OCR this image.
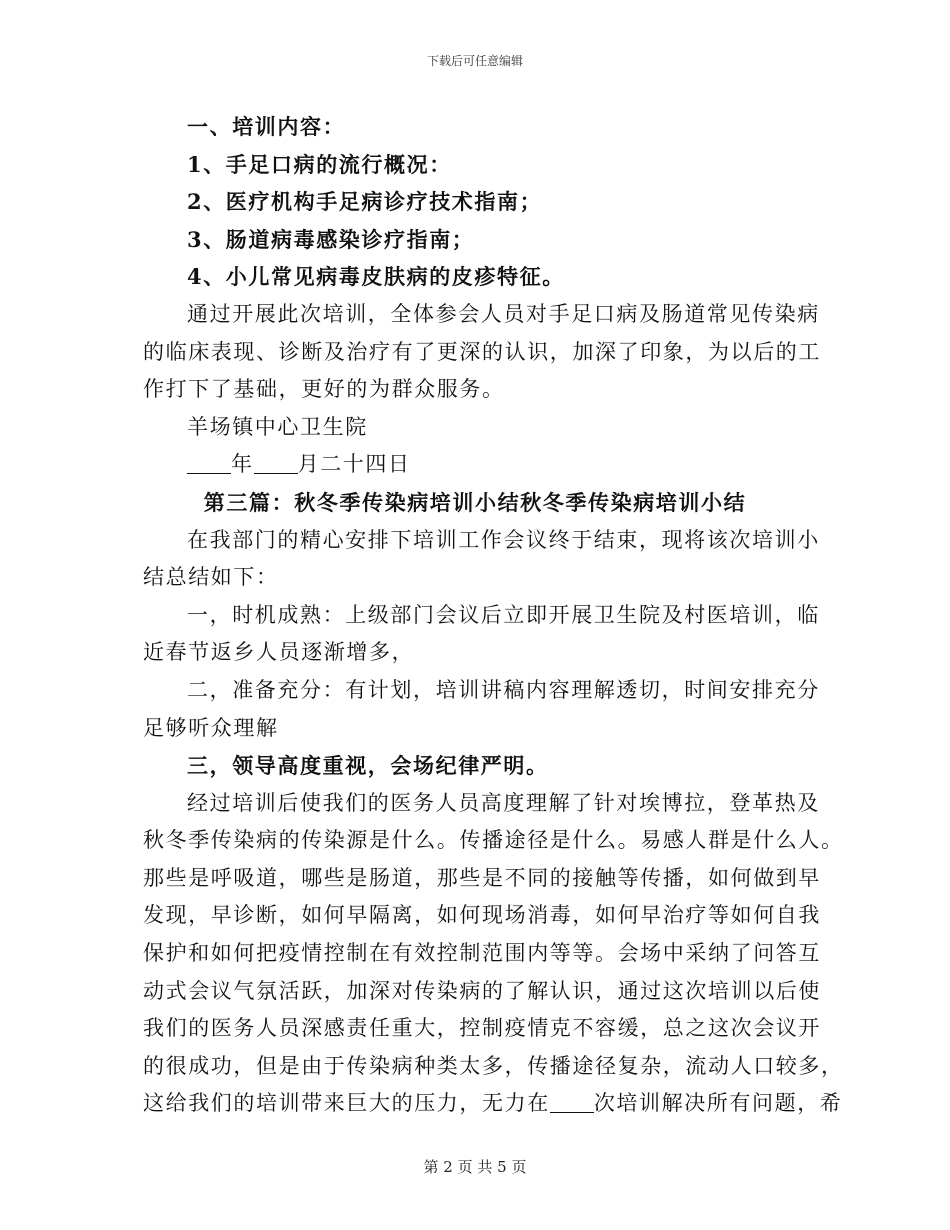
下载后可任意编辑
一、培训内容：
1、手足口病的流行概况：
2、医疗机构手足病诊疗技术指南；
3、肠道病毒感染诊疗指南；
4、小儿常见病毒皮肤病的皮疹特征。
通过开展此次培训，全体参会人员对手足口病及肠道常见传染病
的临床表现、诊断及治疗有了更深的认识，加深了印象，为以后的工
作打下了基础，更好的为群众服务。
羊场镇中心卫生院
年 月二十四日
第三篇：秋冬季传染病培训小结秋冬季传染病培训小结
在我部门的精心安排下培训工作会议终于结束，现将该次培训小
结总结如下：
一，时机成熟：上级部门会议后立即开展卫生院及村医培训，临
近春节返乡人员逐渐增多，
二，准备充分：有计划，培训讲稿内容理解透切，时间安排充分
足够听众理解
三，领导高度重视，会场纪律严明。
经过培训后使我们的医务人员高度理解了针对埃博拉，登革热及
秋冬季传染病的传染源是什么。传播途径是什么。易感人群是什么人。
那些是呼吸道，哪些是肠道，那些是不同的接触等传播，如何做到早
发现，早诊断，如何早隔离，如何现场消毒，如何早治疗等如何自我
保护和如何把疫情控制在有效控制范围内等等。会场中采纳了问答互
动式会议气氛活跃，加深对传染病的了解认识，通过这次培训以后使
我们的医务人员深感责任重大，控制疫情克不容缓，总之这次会议开
的很成功，但是由于传染病种类太多，传播途径复杂，流动人口较多，
这给我们的培训带来巨大的压力，无力在 次培训解决所有问题，希
第 2 页 共 5 页
